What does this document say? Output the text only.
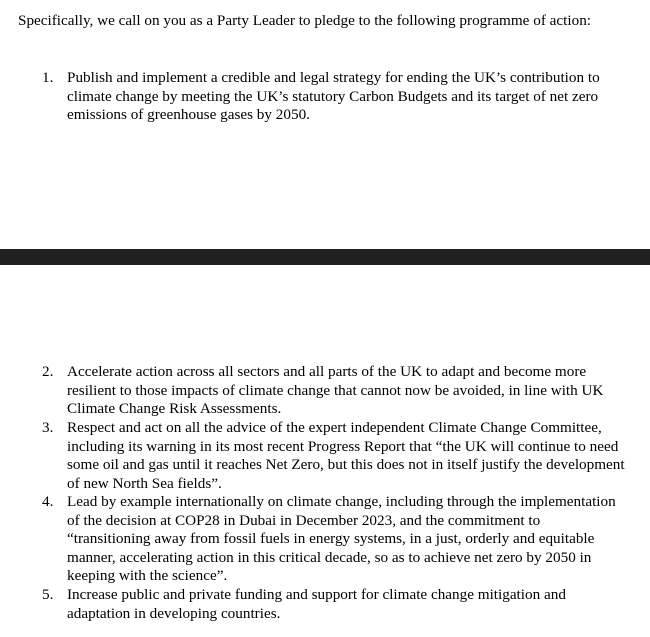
Specifically, we call on you as a Party Leader to pledge to the following programme of action:
1. Publish and implement a credible and legal strategy for ending the UK’s contribution to climate change by meeting the UK’s statutory Carbon Budgets and its target of net zero emissions of greenhouse gases by 2050.
2. Accelerate action across all sectors and all parts of the UK to adapt and become more resilient to those impacts of climate change that cannot now be avoided, in line with UK Climate Change Risk Assessments.
3. Respect and act on all the advice of the expert independent Climate Change Committee, including its warning in its most recent Progress Report that “the UK will continue to need some oil and gas until it reaches Net Zero, but this does not in itself justify the development of new North Sea fields”.
4. Lead by example internationally on climate change, including through the implementation of the decision at COP28 in Dubai in December 2023, and the commitment to “transitioning away from fossil fuels in energy systems, in a just, orderly and equitable manner, accelerating action in this critical decade, so as to achieve net zero by 2050 in keeping with the science”.
5. Increase public and private funding and support for climate change mitigation and adaptation in developing countries.
